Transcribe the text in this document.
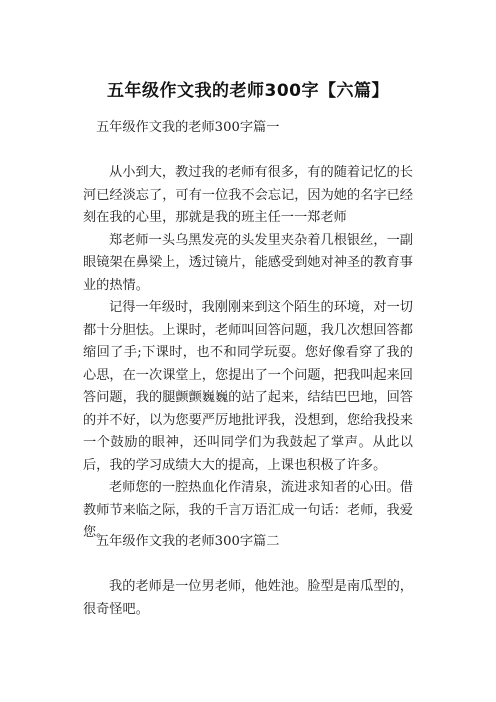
五年级作文我的老师300字【六篇】
五年级作文我的老师300字篇一

从小到大，教过我的老师有很多，有的随着记忆的长河已经淡忘了，可有一位我不会忘记，因为她的名字已经刻在我的心里，那就是我的班主任一一郑老师

郑老师一头乌黑发亮的头发里夹杂着几根银丝，一副眼镜架在鼻梁上，透过镜片，能感受到她对神圣的教育事业的热情。

记得一年级时，我刚刚来到这个陌生的环境，对一切都十分胆怯。上课时，老师叫回答问题，我几次想回答都缩回了手;下课时，也不和同学玩耍。您好像看穿了我的心思，在一次课堂上，您提出了一个问题，把我叫起来回答问题，我的腿颤颤巍巍的站了起来，结结巴巴地，回答的并不好，以为您要严厉地批评我，没想到，您给我投来一个鼓励的眼神，还叫同学们为我鼓起了掌声。从此以后，我的学习成绩大大的提高，上课也积极了许多。

老师您的一腔热血化作清泉，流进求知者的心田。借教师节来临之际，我的千言万语汇成一句话：老师，我爱您。

五年级作文我的老师300字篇二

我的老师是一位男老师，他姓池。脸型是南瓜型的，很奇怪吧。
